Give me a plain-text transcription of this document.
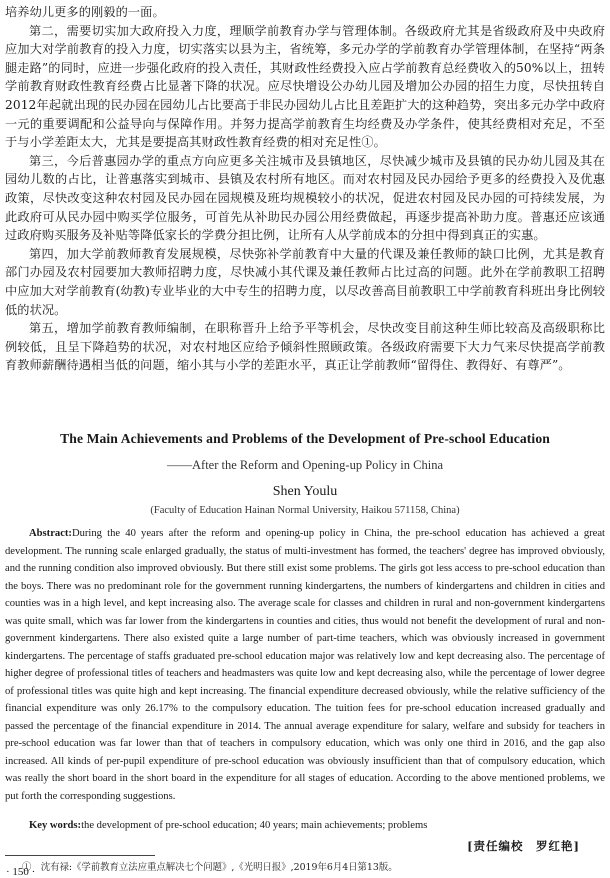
培养幼儿更多的刚毅的一面。

第二，需要切实加大政府投入力度，理顺学前教育办学与管理体制。各级政府尤其是省级政府及中央政府应加大对学前教育的投入力度，切实落实以县为主，省统筹，多元办学的学前教育办学管理体制，在坚持“两条腿走路”的同时，应进一步强化政府的投入责任，其财政性经费投入应占学前教育总经费收入的50%以上，扭转学前教育财政性教育经费占比显著下降的状况。应尽快增设公办幼儿园及增加公办园的招生力度，尽快扭转自2012年起就出现的民办园在园幼儿占比要高于非民办园幼儿占比且差距扩大的这种趋势，突出多元办学中政府一元的重要调配和公益导向与保障作用。并努力提高学前教育生均经费及办学条件，使其经费相对充足，不至于与小学差距太大，尤其是要提高其财政性教育经费的相对充足性①。

第三，今后普惠园办学的重点方向应更多关注城市及县镇地区，尽快减少城市及县镇的民办幼儿园及其在园幼儿数的占比，让普惠落实到城市、县镇及农村所有地区。而对农村园及民办园给予更多的经费投入及优惠政策，尽快改变这种农村园及民办园在园规模及班均规模较小的状况，促进农村园及民办园的可持续发展，为此政府可从民办园中购买学位服务，可首先从补助民办园公用经费做起，再逐步提高补助力度。普惠还应该通过政府购买服务及补贴等降低家长的学费分担比例，让所有人从学前成本的分担中得到真正的实惠。

第四，加大学前教师教育发展规模，尽快弥补学前教育中大量的代课及兼任教师的缺口比例，尤其是教育部门办园及农村园要加大教师招聘力度，尽快减小其代课及兼任教师占比过高的问题。此外在学前教职工招聘中应加大对学前教育(幼教)专业毕业的大中专生的招聘力度，以尽改善高目前教职工中学前教育科班出身比例较低的状况。

第五，增加学前教育教师编制，在职称晋升上给予平等机会，尽快改变目前这种生师比较高及高级职称比例较低，且呈下降趋势的状况，对农村地区应给予倾斜性照顾政策。各级政府需要下大力气来尽快提高学前教育教师薪酬待遇相当低的问题，缩小其与小学的差距水平，真正让学前教师“留得住、教得好、有尊严”。

The Main Achievements and Problems of the Development of Pre-school Education
——After the Reform and Opening-up Policy in China
Shen Youlu
(Faculty of Education Hainan Normal University, Haikou 571158, China)
Abstract:During the 40 years after the reform and opening-up policy in China, the pre-school education has achieved a great development. The running scale enlarged gradually, the status of multi-investment has formed, the teachers' degree has improved obviously, and the running condition also improved obviously. But there still exist some problems. The girls got less access to pre-school education than the boys. There was no predominant role for the government running kindergartens, the numbers of kindergartens and children in cities and counties was in a high level, and kept increasing also. The average scale for classes and children in rural and non-government kindergartens was quite small, which was far lower from the kindergartens in counties and cities, thus would not benefit the development of rural and non-government kindergartens. There also existed quite a large number of part-time teachers, which was obviously increased in government kindergartens. The percentage of staffs graduated pre-school education major was relatively low and kept decreasing also. The percentage of higher degree of professional titles of teachers and headmasters was quite low and kept decreasing also, while the percentage of lower degree of professional titles was quite high and kept increasing. The financial expenditure decreased obviously, while the relative sufficiency of the financial expenditure was only 26.17% to the compulsory education. The tuition fees for pre-school education increased gradually and passed the percentage of the financial expenditure in 2014. The annual average expenditure for salary, welfare and subsidy for teachers in pre-school education was far lower than that of teachers in compulsory education, which was only one third in 2016, and the gap also increased. All kinds of per-pupil expenditure of pre-school education was obviously insufficient than that of compulsory education, which was really the short board in the short board in the expenditure for all stages of education. According to the above mentioned problems, we put forth the corresponding suggestions.
Key words:the development of pre-school education; 40 years; main achievements; problems
[责任编校　罗红艳]
①　沈有禄:《学前教育立法应重点解决七个问题》,《光明日报》,2019年6月4日第13版。
· 150 ·
